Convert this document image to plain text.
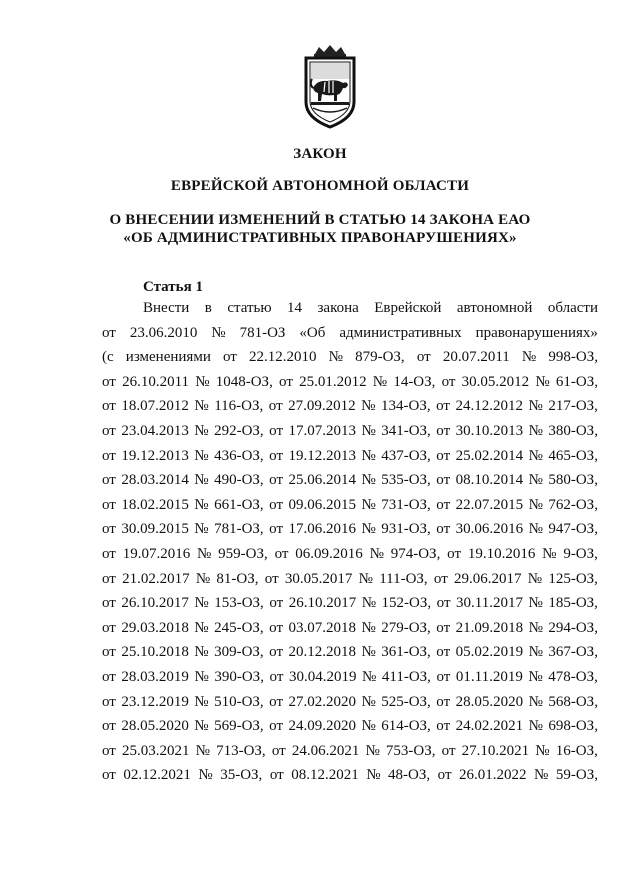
ЗАКОН
ЕВРЕЙСКОЙ АВТОНОМНОЙ ОБЛАСТИ
О ВНЕСЕНИИ ИЗМЕНЕНИЙ В СТАТЬЮ 14 ЗАКОНА ЕАО
«ОБ АДМИНИСТРАТИВНЫХ ПРАВОНАРУШЕНИЯХ»
Статья 1
Внести в статью 14 закона Еврейской автономной области
от 23.06.2010 № 781-ОЗ «Об административных правонарушениях»
(с изменениями от 22.12.2010 № 879-ОЗ, от 20.07.2011 № 998-ОЗ,
от 26.10.2011 № 1048-ОЗ, от 25.01.2012 № 14-ОЗ, от 30.05.2012 № 61-ОЗ,
от 18.07.2012 № 116-ОЗ, от 27.09.2012 № 134-ОЗ, от 24.12.2012 № 217-ОЗ,
от 23.04.2013 № 292-ОЗ, от 17.07.2013 № 341-ОЗ, от 30.10.2013 № 380-ОЗ,
от 19.12.2013 № 436-ОЗ, от 19.12.2013 № 437-ОЗ, от 25.02.2014 № 465-ОЗ,
от 28.03.2014 № 490-ОЗ, от 25.06.2014 № 535-ОЗ, от 08.10.2014 № 580-ОЗ,
от 18.02.2015 № 661-ОЗ, от 09.06.2015 № 731-ОЗ, от 22.07.2015 № 762-ОЗ,
от 30.09.2015 № 781-ОЗ, от 17.06.2016 № 931-ОЗ, от 30.06.2016 № 947-ОЗ,
от 19.07.2016 № 959-ОЗ, от 06.09.2016 № 974-ОЗ, от 19.10.2016 № 9-ОЗ,
от 21.02.2017 № 81-ОЗ, от 30.05.2017 № 111-ОЗ, от 29.06.2017 № 125-ОЗ,
от 26.10.2017 № 153-ОЗ, от 26.10.2017 № 152-ОЗ, от 30.11.2017 № 185-ОЗ,
от 29.03.2018 № 245-ОЗ, от 03.07.2018 № 279-ОЗ, от 21.09.2018 № 294-ОЗ,
от 25.10.2018 № 309-ОЗ, от 20.12.2018 № 361-ОЗ, от 05.02.2019 № 367-ОЗ,
от 28.03.2019 № 390-ОЗ, от 30.04.2019 № 411-ОЗ, от 01.11.2019 № 478-ОЗ,
от 23.12.2019 № 510-ОЗ, от 27.02.2020 № 525-ОЗ, от 28.05.2020 № 568-ОЗ,
от 28.05.2020 № 569-ОЗ, от 24.09.2020 № 614-ОЗ, от 24.02.2021 № 698-ОЗ,
от 25.03.2021 № 713-ОЗ, от 24.06.2021 № 753-ОЗ, от 27.10.2021 № 16-ОЗ,
от 02.12.2021 № 35-ОЗ, от 08.12.2021 № 48-ОЗ, от 26.01.2022 № 59-ОЗ,
